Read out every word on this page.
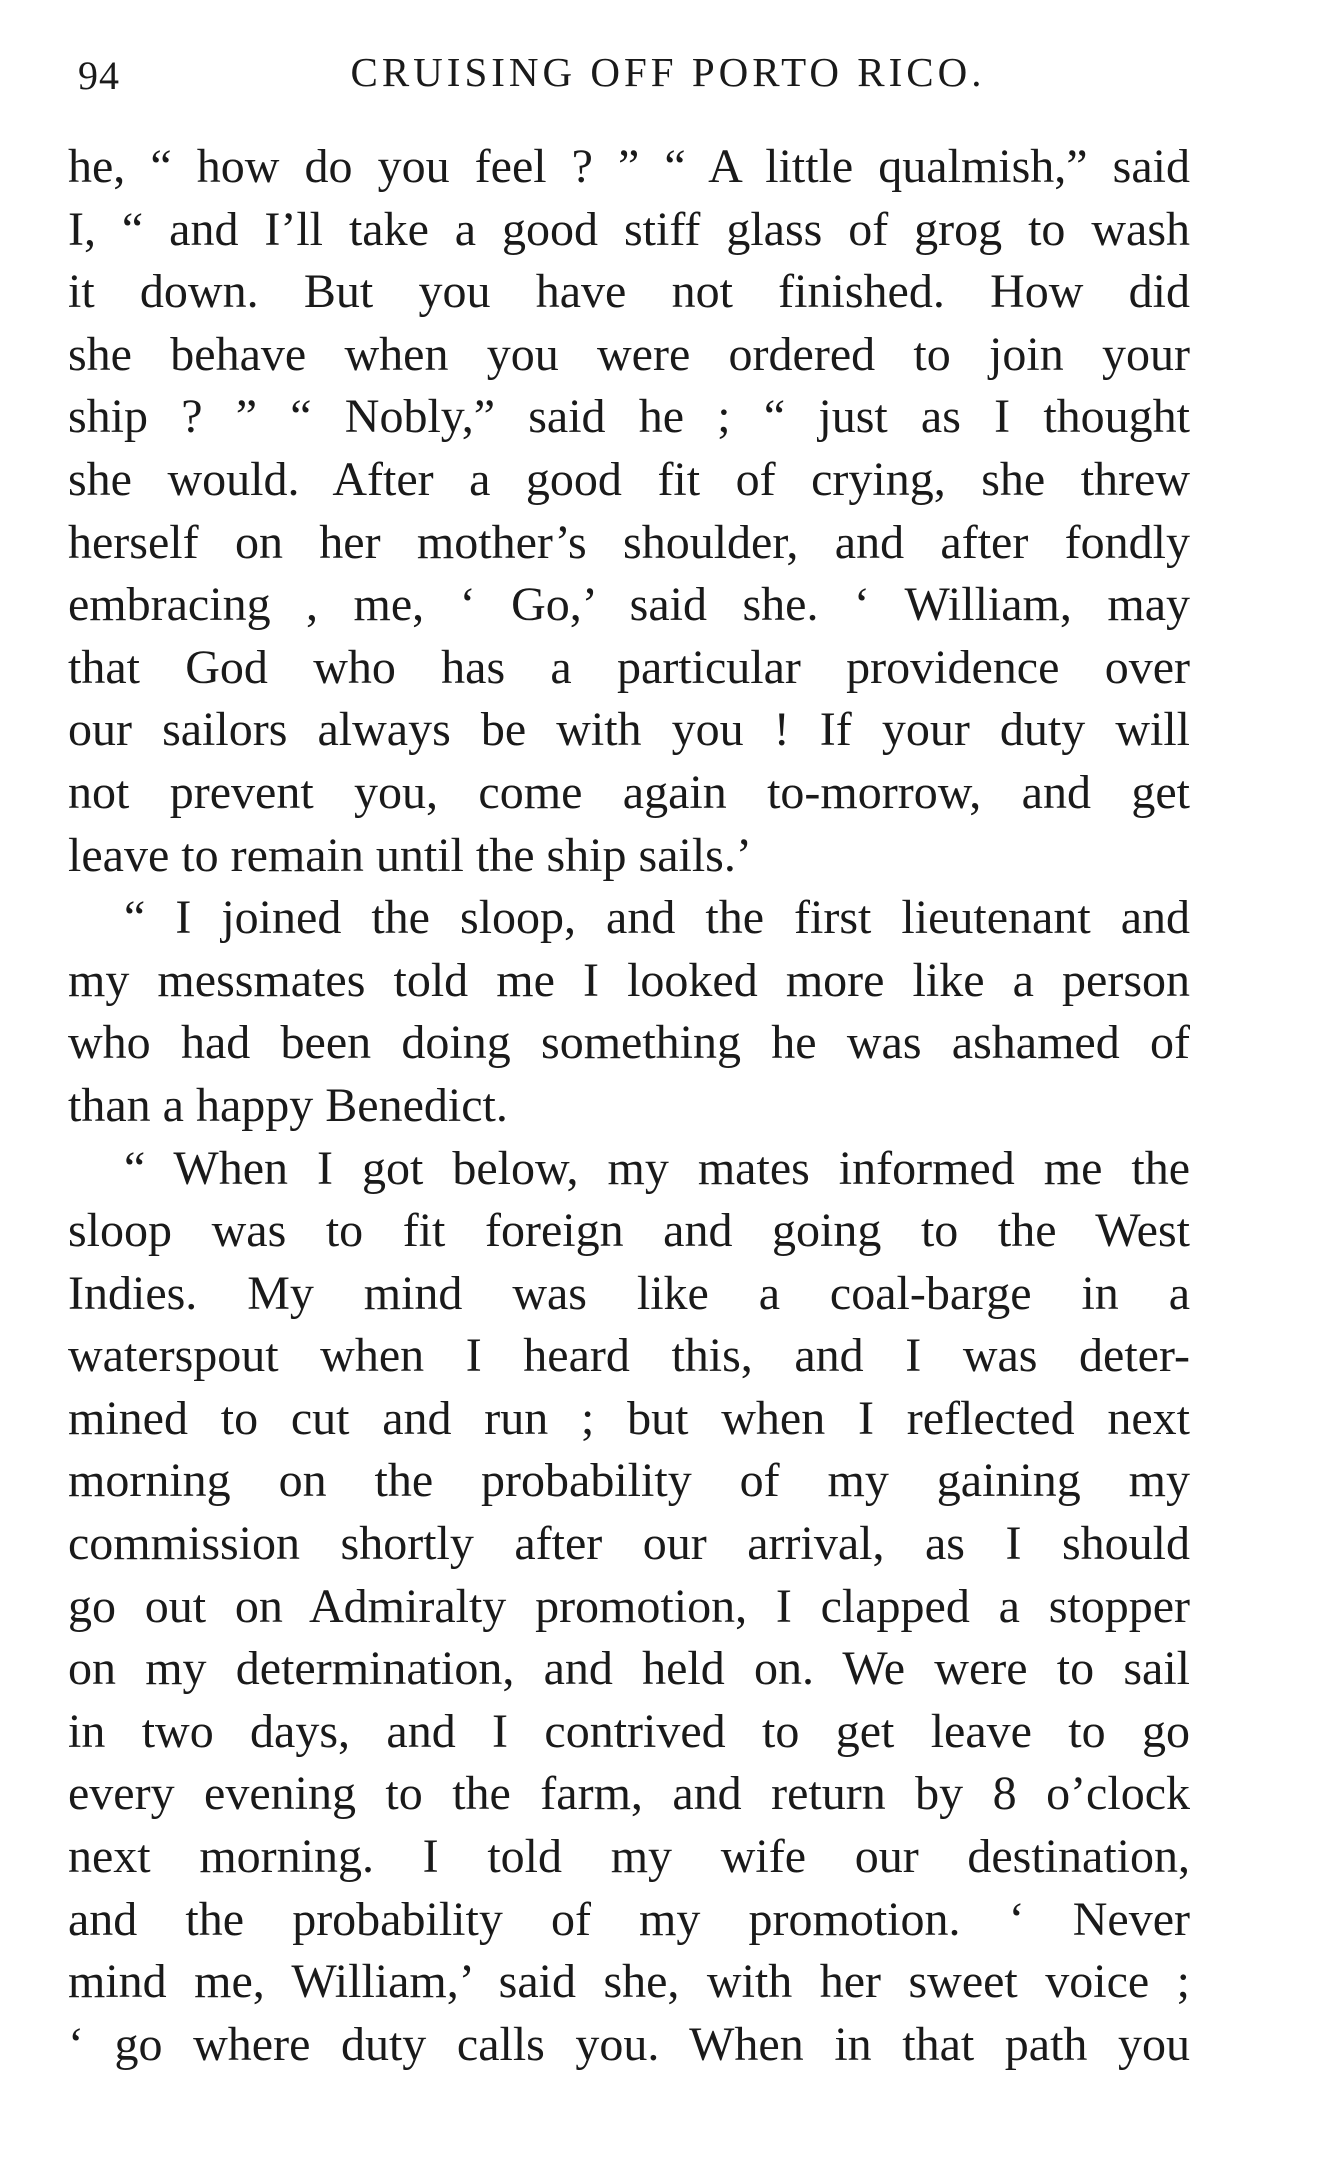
94	CRUISING OFF PORTO RICO.
he, “ how do you feel ? ” “ A little qualmish,” said
I, “ and I’ll take a good stiff glass of grog to wash
it down. But you have not finished. How did
she behave when you were ordered to join your
ship ? ” “ Nobly,” said he ; “ just as I thought
she would. After a good fit of crying, she threw
herself on her mother’s shoulder, and after fondly
embracing , me, ‘ Go,’ said she. ‘ William, may
that God who has a particular providence over
our sailors always be with you ! If your duty will
not prevent you, come again to-morrow, and get
leave to remain until the ship sails.’
“ I joined the sloop, and the first lieutenant and
my messmates told me I looked more like a person
who had been doing something he was ashamed of
than a happy Benedict.
“ When I got below, my mates informed me the
sloop was to fit foreign and going to the West
Indies. My mind was like a coal-barge in a
waterspout when I heard this, and I was deter-
mined to cut and run ; but when I reflected next
morning on the probability of my gaining my
commission shortly after our arrival, as I should
go out on Admiralty promotion, I clapped a stopper
on my determination, and held on. We were to sail
in two days, and I contrived to get leave to go
every evening to the farm, and return by 8 o’clock
next morning. I told my wife our destination,
and the probability of my promotion. ‘ Never
mind me, William,’ said she, with her sweet voice ;
‘ go where duty calls you. When in that path you
